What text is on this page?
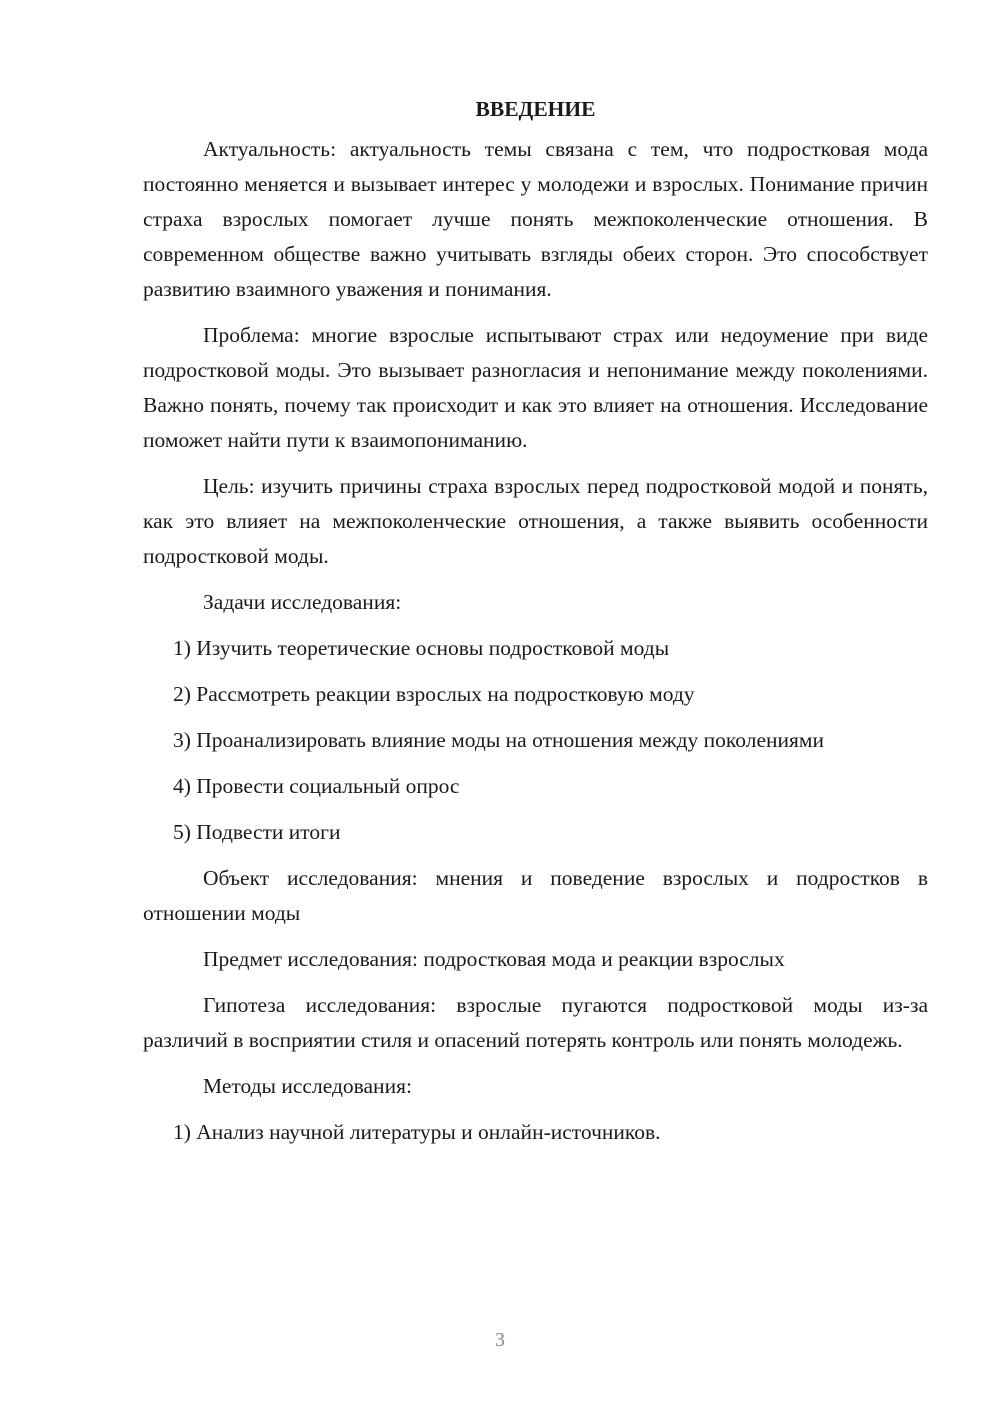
ВВЕДЕНИЕ

Актуальность: актуальность темы связана с тем, что подростковая мода постоянно меняется и вызывает интерес у молодежи и взрослых. Понимание причин страха взрослых помогает лучше понять межпоколенческие отношения. В современном обществе важно учитывать взгляды обеих сторон. Это способствует развитию взаимного уважения и понимания.

Проблема: многие взрослые испытывают страх или недоумение при виде подростковой моды. Это вызывает разногласия и непонимание между поколениями. Важно понять, почему так происходит и как это влияет на отношения. Исследование поможет найти пути к взаимопониманию.

Цель: изучить причины страха взрослых перед подростковой модой и понять, как это влияет на межпоколенческие отношения, а также выявить особенности подростковой моды.

Задачи исследования:

1) Изучить теоретические основы подростковой моды

2) Рассмотреть реакции взрослых на подростковую моду

3) Проанализировать влияние моды на отношения между поколениями

4) Провести социальный опрос

5) Подвести итоги

Объект исследования: мнения и поведение взрослых и подростков в отношении моды

Предмет исследования: подростковая мода и реакции взрослых

Гипотеза исследования: взрослые пугаются подростковой моды из-за различий в восприятии стиля и опасений потерять контроль или понять молодежь.

Методы исследования:

1) Анализ научной литературы и онлайн-источников.

3
